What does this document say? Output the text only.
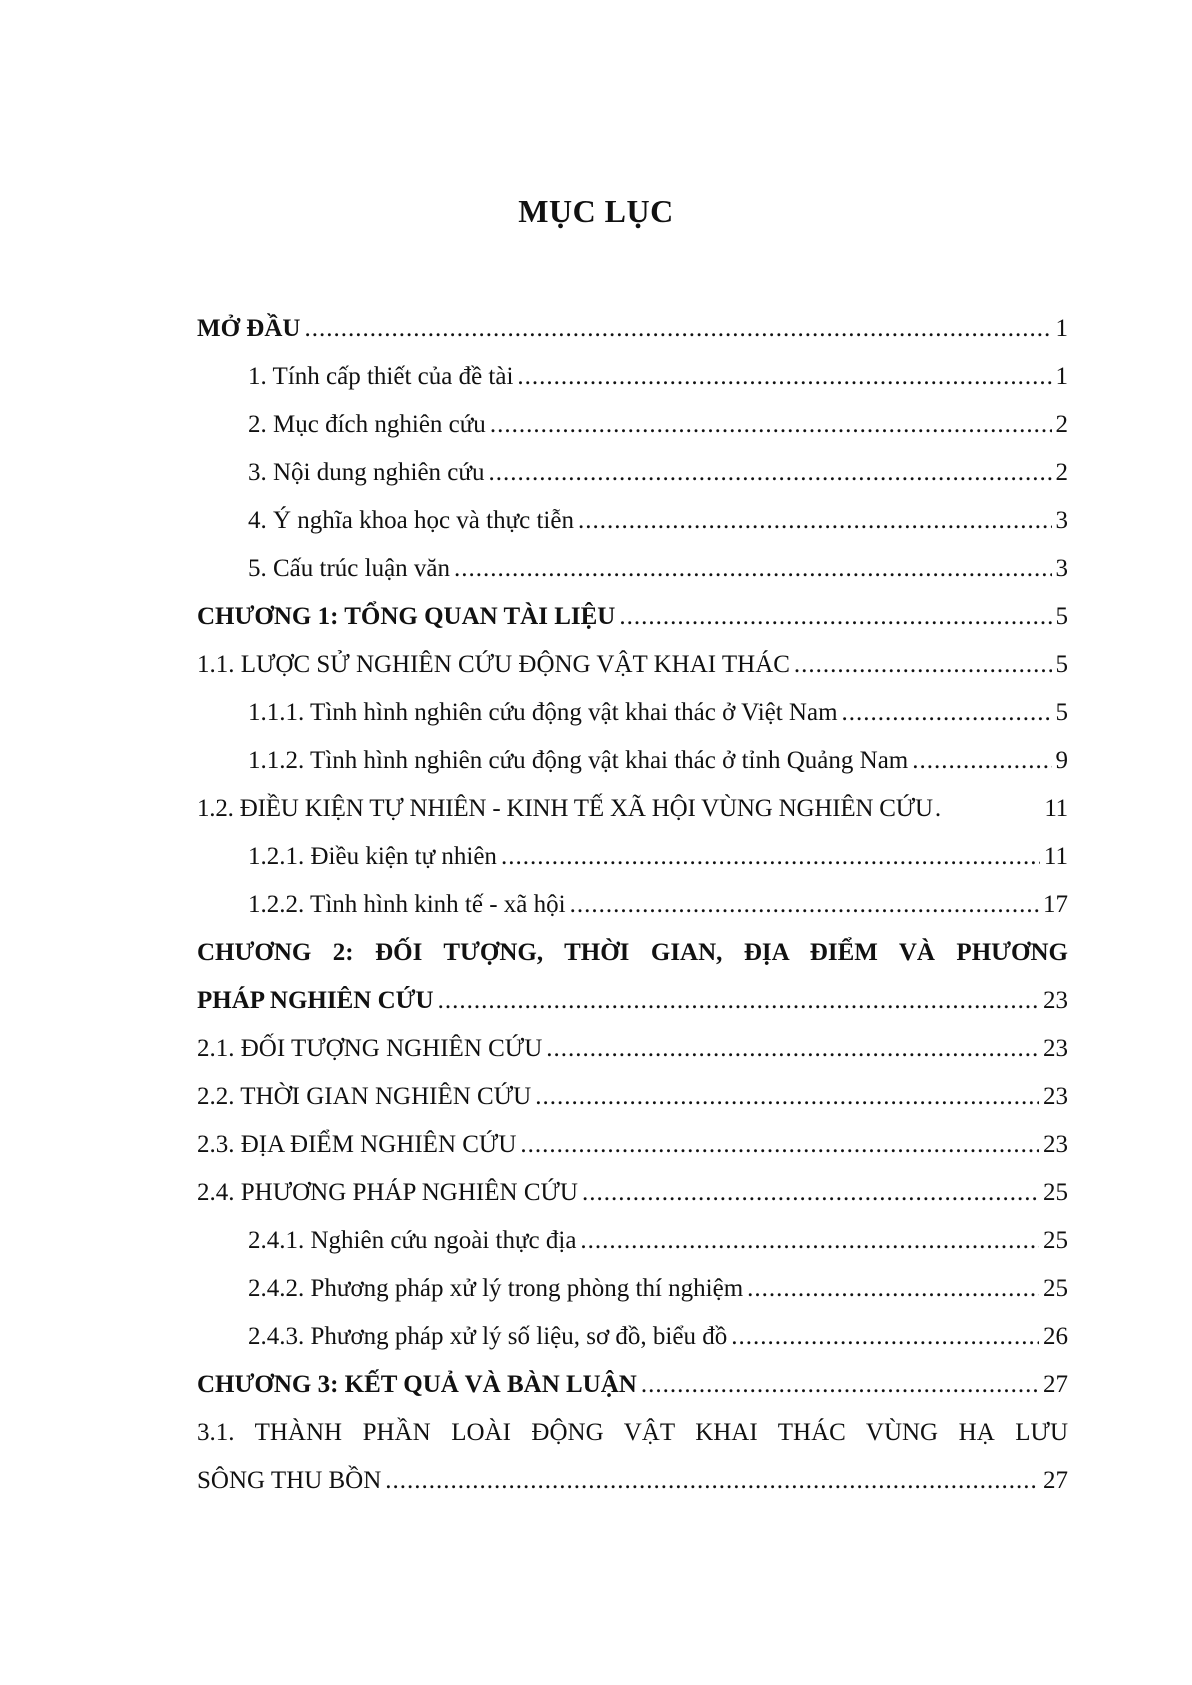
MỤC LỤC
MỞ ĐẦU .....	1
1. Tính cấp thiết của đề tài .....	1
2. Mục đích nghiên cứu .....	2
3. Nội dung nghiên cứu .....	2
4. Ý nghĩa khoa học và thực tiễn .....	3
5. Cấu trúc luận văn .....	3
CHƯƠNG 1: TỔNG QUAN TÀI LIỆU .....	5
1.1. LƯỢC SỬ NGHIÊN CỨU ĐỘNG VẬT KHAI THÁC .....	5
1.1.1. Tình hình nghiên cứu động vật khai thác ở Việt Nam .....	5
1.1.2. Tình hình nghiên cứu động vật khai thác ở tỉnh Quảng Nam .....	9
1.2. ĐIỀU KIỆN TỰ NHIÊN - KINH TẾ XÃ HỘI VÙNG NGHIÊN CỨU .	11
1.2.1. Điều kiện tự nhiên .....	11
1.2.2. Tình hình kinh tế - xã hội .....	17
CHƯƠNG 2: ĐỐI TƯỢNG, THỜI GIAN, ĐỊA ĐIỂM VÀ PHƯƠNG
PHÁP NGHIÊN CỨU .....	23
2.1. ĐỐI TƯỢNG NGHIÊN CỨU .....	23
2.2. THỜI GIAN NGHIÊN CỨU .....	23
2.3. ĐỊA ĐIỂM NGHIÊN CỨU .....	23
2.4. PHƯƠNG PHÁP NGHIÊN CỨU .....	25
2.4.1. Nghiên cứu ngoài thực địa .....	25
2.4.2. Phương pháp xử lý trong phòng thí nghiệm .....	25
2.4.3. Phương pháp xử lý số liệu, sơ đồ, biểu đồ .....	26
CHƯƠNG 3: KẾT QUẢ VÀ BÀN LUẬN .....	27
3.1. THÀNH PHẦN LOÀI ĐỘNG VẬT KHAI THÁC VÙNG HẠ LƯU
SÔNG THU BỒN .....	27
